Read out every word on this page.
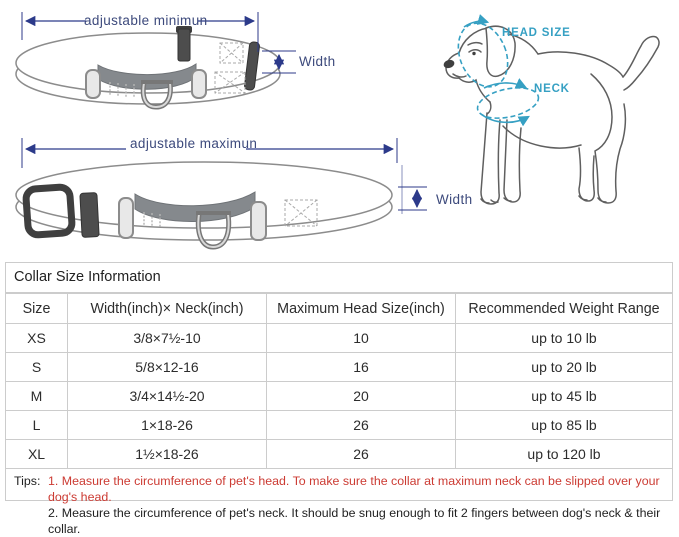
adjustable minimun
Width
adjustable maximun
Width
HEAD SIZE
NECK
Collar Size Information
Size	Width(inch)× Neck(inch)	Maximum Head Size(inch)	Recommended Weight Range
XS	3/8×7½-10	10	up to 10 lb
S	5/8×12-16	16	up to 20 lb
M	3/4×14½-20	20	up to 45 lb
L	1×18-26	26	up to 85 lb
XL	1½×18-26	26	up to 120 lb
Tips: 1. Measure the circumference of pet's head. To make sure the collar at maximum neck can be slipped over your dog's head.
2. Measure the circumference of pet's neck. It should be snug enough to fit 2 fingers between dog's neck & their collar.
